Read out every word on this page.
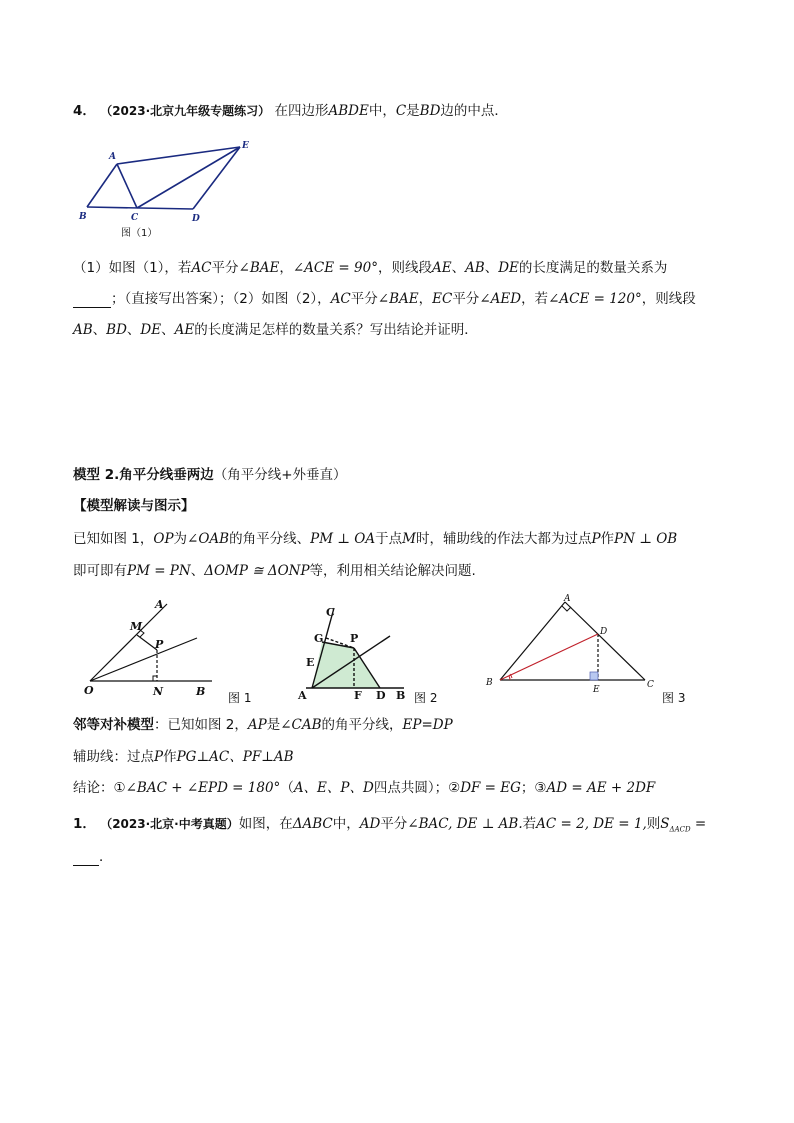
4． （2023·北京九年级专题练习） 在四边形ABDE中，C是BD边的中点．
A
E
B	C	D
图（1）
（1）如图（1），若AC平分∠BAE，∠ACE = 90°，则线段AE、AB、DE的长度满足的数量关系为
；（直接写出答案）；（2）如图（2），AC平分∠BAE，EC平分∠AED，若∠ACE = 120°，则线段
AB、BD、DE、AE的长度满足怎样的数量关系？写出结论并证明．
模型 2.角平分线垂两边（角平分线+外垂直）
【模型解读与图示】
已知如图 1，OP为∠OAB的角平分线、PM ⊥ OA于点M时，辅助线的作法大都为过点P作PN ⊥ OB
即可即有PM = PN、ΔOMP ≅ ΔONP等，利用相关结论解决问题.
A
M
P
O	N	B 图 1
C
G P
E
A	F D B 图 2
A
D
B
E	C
图 3
邻等对补模型：已知如图 2，AP是∠CAB的角平分线，EP=DP
辅助线：过点P作PG⊥AC、PF⊥AB
结论：①∠BAC + ∠EPD = 180°（A、E、P、D四点共圆）；②DF = EG；③AD = AE + 2DF
1． （2023·北京·中考真题）如图，在ΔABC中，AD平分∠BAC, DE ⊥ AB.若AC = 2, DE = 1,则$S_{\Delta ACD}$ =
．
